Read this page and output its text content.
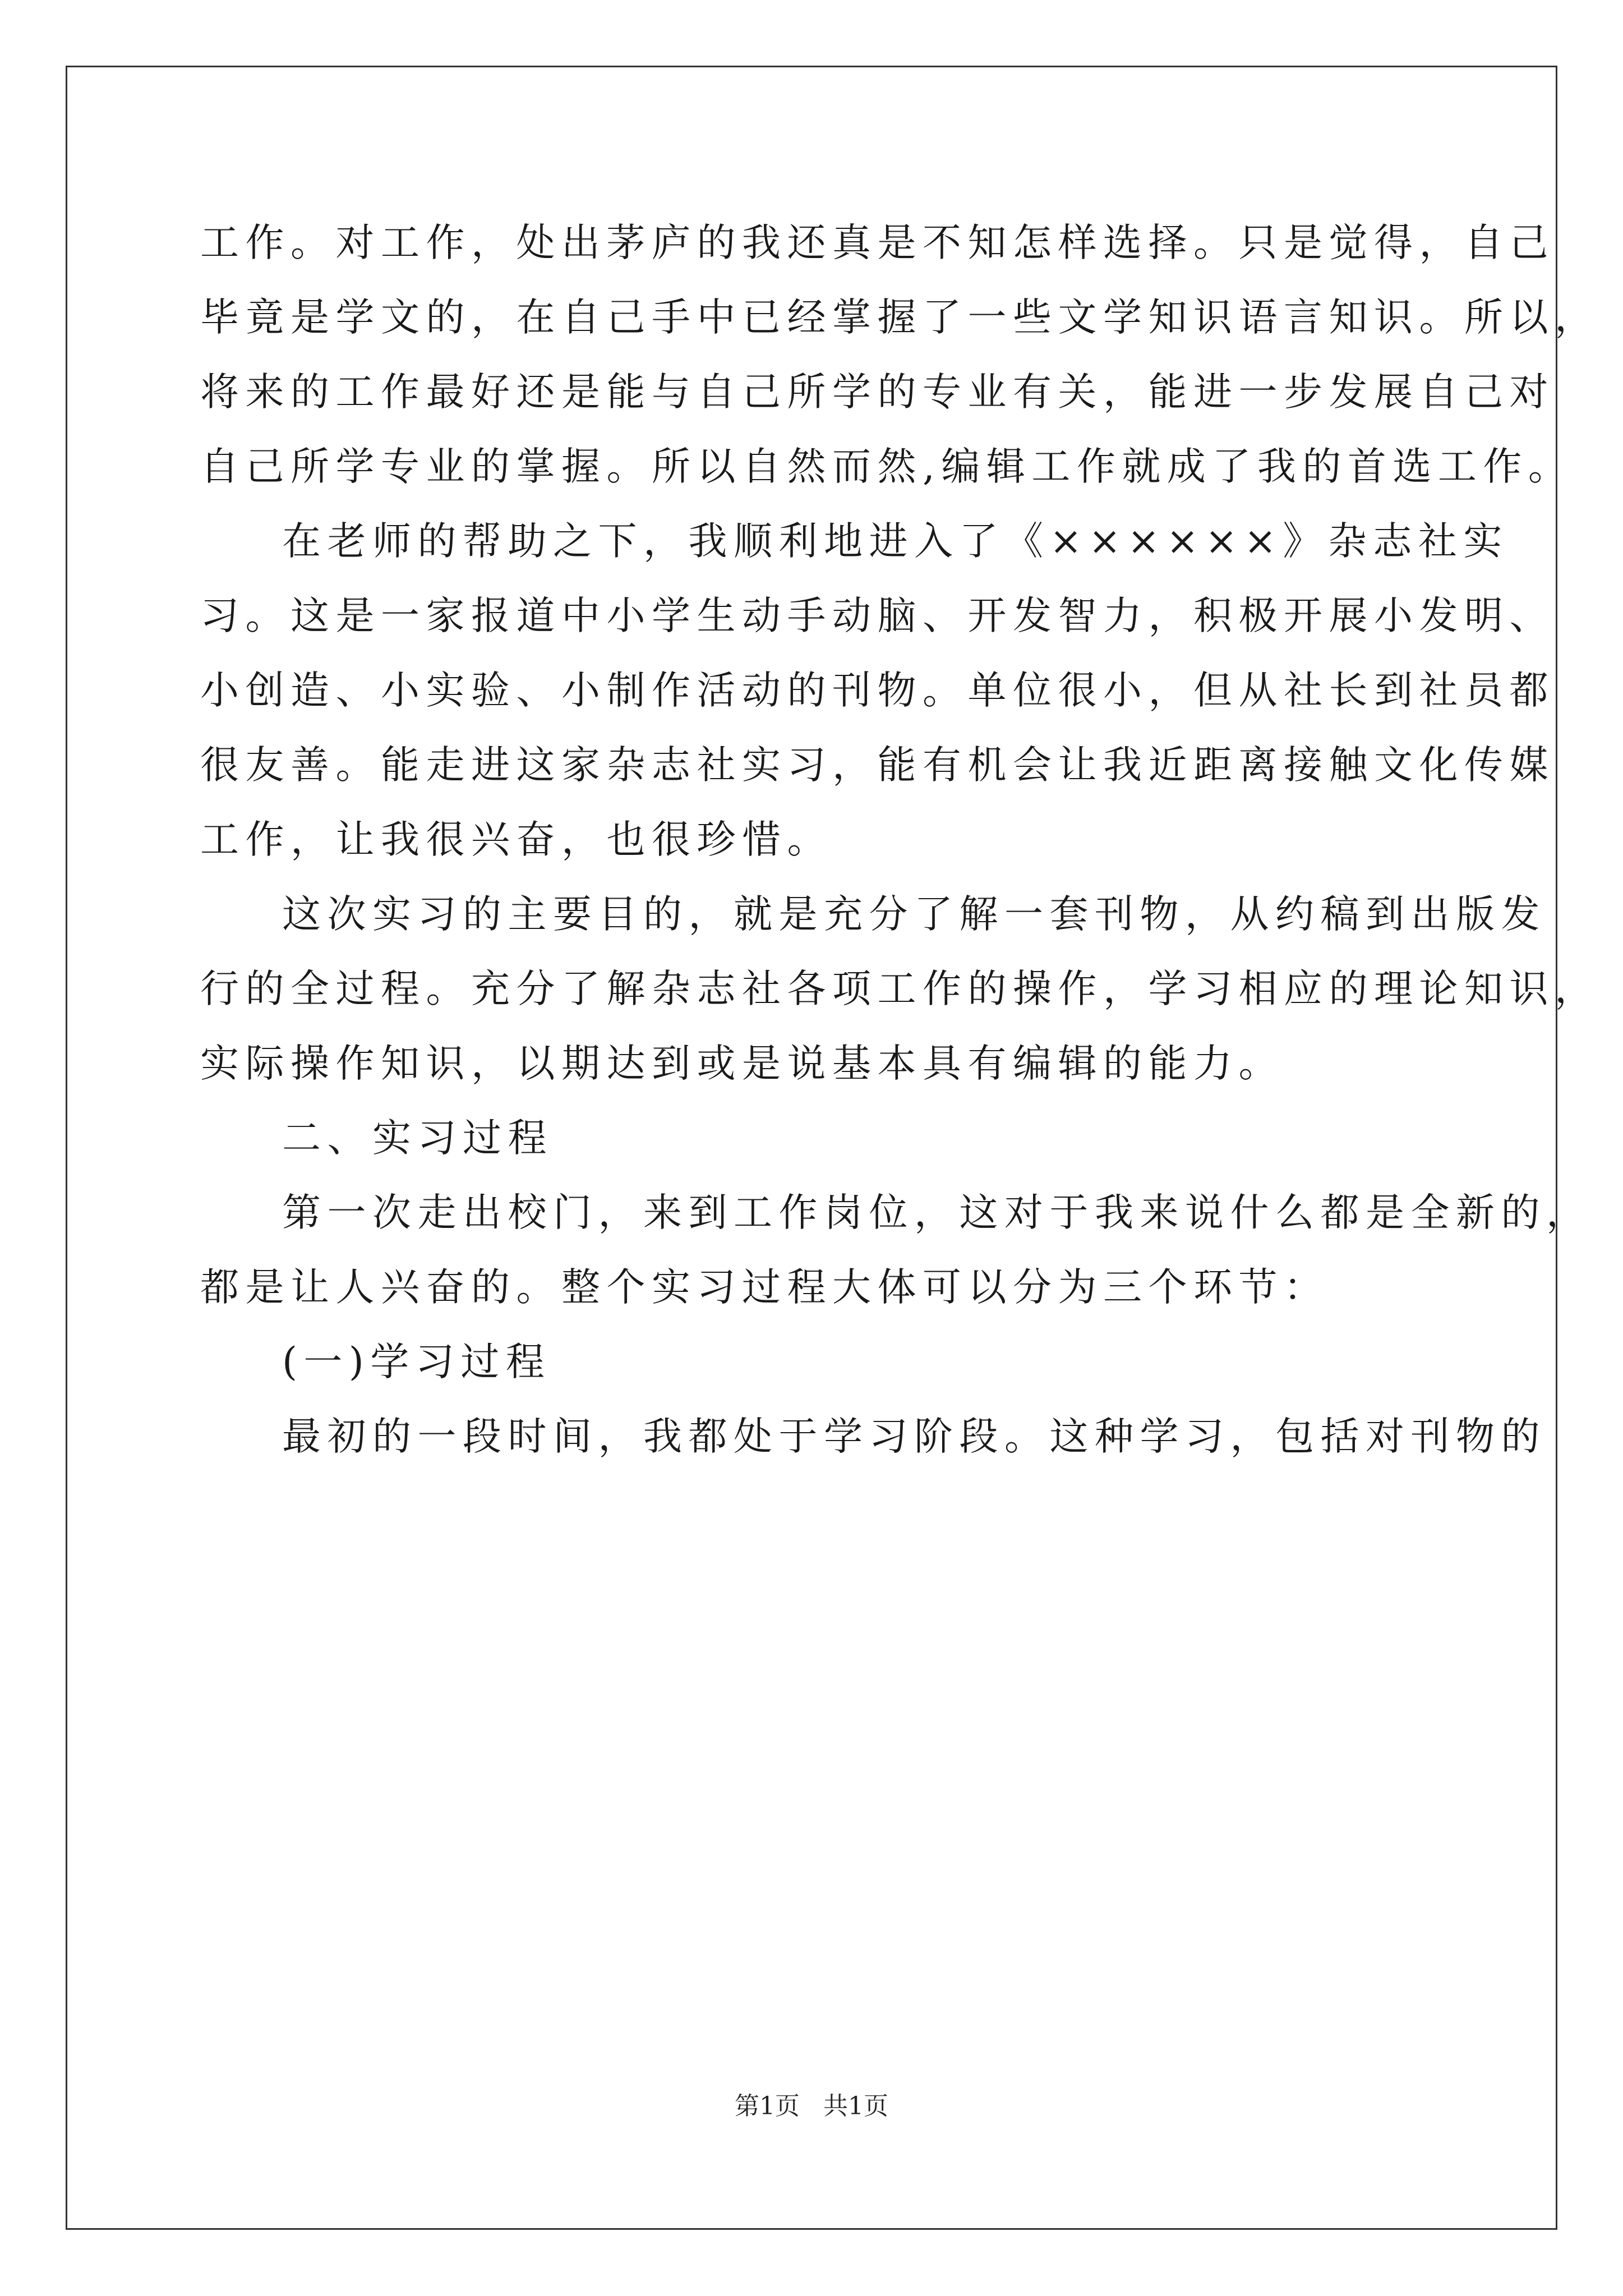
工作。对工作，处出茅庐的我还真是不知怎样选择。只是觉得，自己
毕竟是学文的，在自己手中已经掌握了一些文学知识语言知识。所以，
将来的工作最好还是能与自己所学的专业有关，能进一步发展自己对
自己所学专业的掌握。所以自然而然,编辑工作就成了我的首选工作。
在老师的帮助之下，我顺利地进入了《××××××》杂志社实
习。这是一家报道中小学生动手动脑、开发智力，积极开展小发明、
小创造、小实验、小制作活动的刊物。单位很小，但从社长到社员都
很友善。能走进这家杂志社实习，能有机会让我近距离接触文化传媒
工作，让我很兴奋，也很珍惜。
这次实习的主要目的，就是充分了解一套刊物，从约稿到出版发
行的全过程。充分了解杂志社各项工作的操作，学习相应的理论知识，
实际操作知识，以期达到或是说基本具有编辑的能力。
二、实习过程
第一次走出校门，来到工作岗位，这对于我来说什么都是全新的，
都是让人兴奋的。整个实习过程大体可以分为三个环节：
(一)学习过程
最初的一段时间，我都处于学习阶段。这种学习，包括对刊物的
第1页 共1页
